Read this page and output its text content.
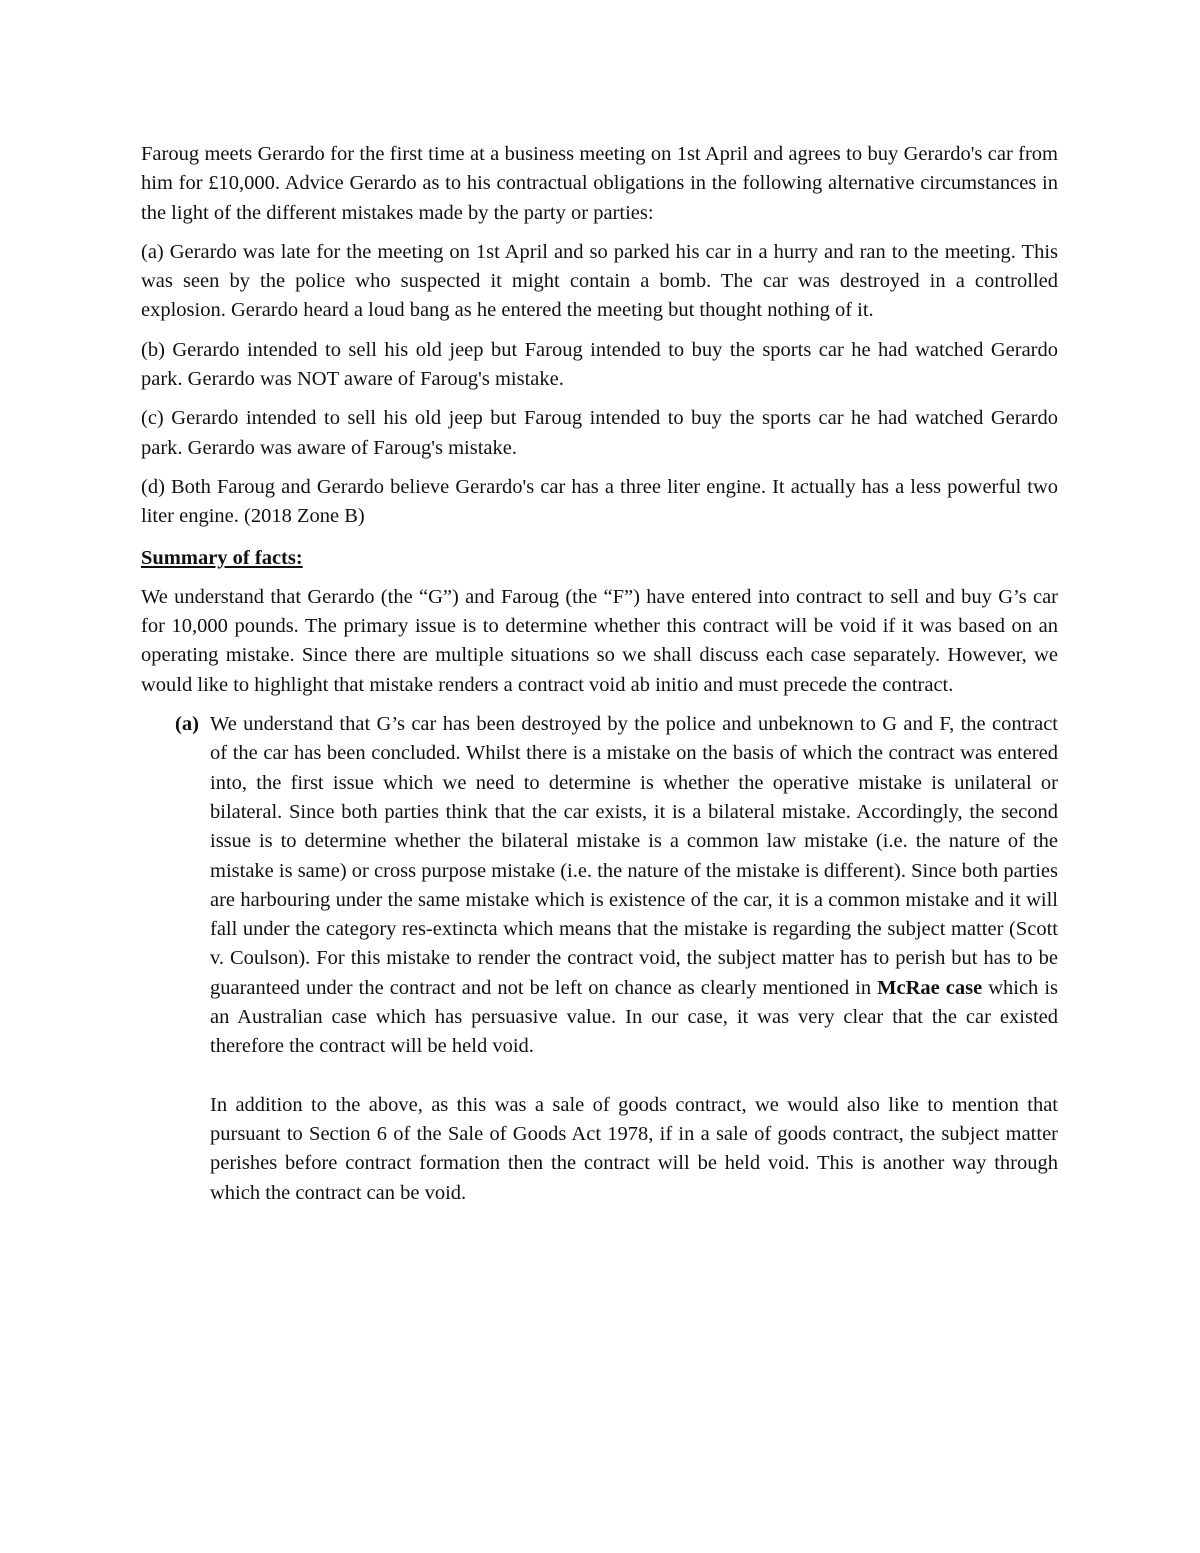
Faroug meets Gerardo for the first time at a business meeting on 1st April and agrees to buy Gerardo's car from him for £10,000. Advice Gerardo as to his contractual obligations in the following alternative circumstances in the light of the different mistakes made by the party or parties:

(a) Gerardo was late for the meeting on 1st April and so parked his car in a hurry and ran to the meeting. This was seen by the police who suspected it might contain a bomb. The car was destroyed in a controlled explosion. Gerardo heard a loud bang as he entered the meeting but thought nothing of it.

(b) Gerardo intended to sell his old jeep but Faroug intended to buy the sports car he had watched Gerardo park. Gerardo was NOT aware of Faroug's mistake.

(c) Gerardo intended to sell his old jeep but Faroug intended to buy the sports car he had watched Gerardo park. Gerardo was aware of Faroug's mistake.

(d) Both Faroug and Gerardo believe Gerardo's car has a three liter engine. It actually has a less powerful two liter engine. (2018 Zone B)

Summary of facts:

We understand that Gerardo (the “G”) and Faroug (the “F”) have entered into contract to sell and buy G’s car for 10,000 pounds. The primary issue is to determine whether this contract will be void if it was based on an operating mistake. Since there are multiple situations so we shall discuss each case separately. However, we would like to highlight that mistake renders a contract void ab initio and must precede the contract.

(a) We understand that G’s car has been destroyed by the police and unbeknown to G and F, the contract of the car has been concluded. Whilst there is a mistake on the basis of which the contract was entered into, the first issue which we need to determine is whether the operative mistake is unilateral or bilateral. Since both parties think that the car exists, it is a bilateral mistake. Accordingly, the second issue is to determine whether the bilateral mistake is a common law mistake (i.e. the nature of the mistake is same) or cross purpose mistake (i.e. the nature of the mistake is different). Since both parties are harbouring under the same mistake which is existence of the car, it is a common mistake and it will fall under the category res-extincta which means that the mistake is regarding the subject matter (Scott v. Coulson). For this mistake to render the contract void, the subject matter has to perish but has to be guaranteed under the contract and not be left on chance as clearly mentioned in McRae case which is an Australian case which has persuasive value. In our case, it was very clear that the car existed therefore the contract will be held void.

In addition to the above, as this was a sale of goods contract, we would also like to mention that pursuant to Section 6 of the Sale of Goods Act 1978, if in a sale of goods contract, the subject matter perishes before contract formation then the contract will be held void. This is another way through which the contract can be void.
